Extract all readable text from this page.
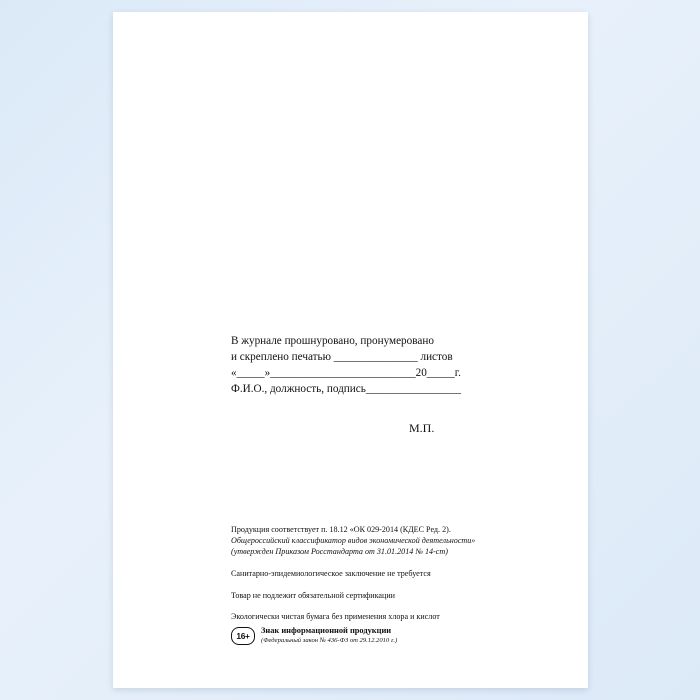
В журнале прошнуровано, пронумеровано
и скреплено печатью _______________ листов
«_____»__________________________20_____г.
Ф.И.О., должность, подпись_________________
М.П.
Продукция соответствует п. 18.12 «ОК 029-2014 (КДЕС Ред. 2).
Общероссийский классификатор видов экономической деятельности»
(утвержден Приказом Росстандарта от 31.01.2014 № 14-ст)
Санитарно-эпидемиологическое заключение не требуется
Товар не подлежит обязательной сертификации
Экологически чистая бумага без применения хлора и кислот
16+
Знак информационной продукции
(Федеральный закон № 436-ФЗ от 29.12.2010 г.)
